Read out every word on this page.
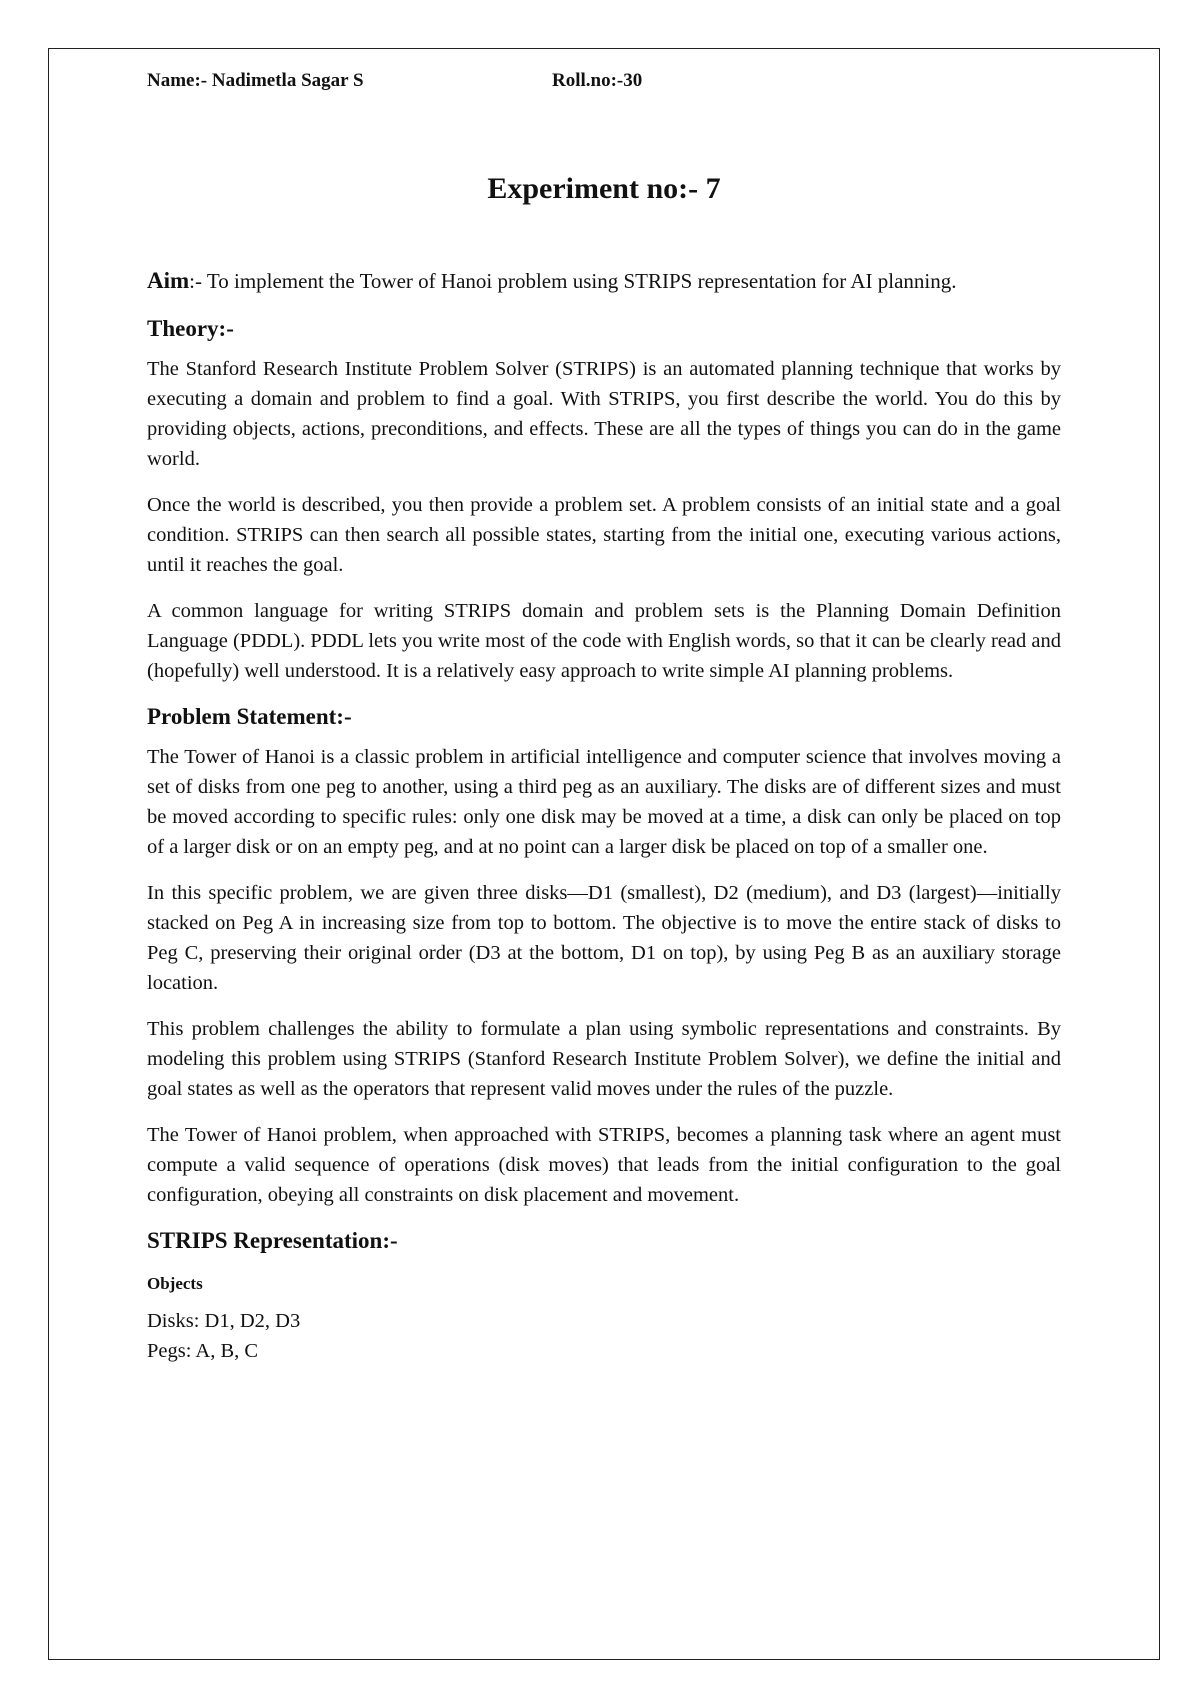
Name:- Nadimetla Sagar S	Roll.no:-30
Experiment no:- 7
Aim:- To implement the Tower of Hanoi problem using STRIPS representation for AI planning.
Theory:-

The Stanford Research Institute Problem Solver (STRIPS) is an automated planning technique that works by executing a domain and problem to find a goal. With STRIPS, you first describe the world. You do this by providing objects, actions, preconditions, and effects. These are all the types of things you can do in the game world.

Once the world is described, you then provide a problem set. A problem consists of an initial state and a goal condition. STRIPS can then search all possible states, starting from the initial one, executing various actions, until it reaches the goal.

A common language for writing STRIPS domain and problem sets is the Planning Domain Definition Language (PDDL). PDDL lets you write most of the code with English words, so that it can be clearly read and (hopefully) well understood. It is a relatively easy approach to write simple AI planning problems.

Problem Statement:-

The Tower of Hanoi is a classic problem in artificial intelligence and computer science that involves moving a set of disks from one peg to another, using a third peg as an auxiliary. The disks are of different sizes and must be moved according to specific rules: only one disk may be moved at a time, a disk can only be placed on top of a larger disk or on an empty peg, and at no point can a larger disk be placed on top of a smaller one.

In this specific problem, we are given three disks—D1 (smallest), D2 (medium), and D3 (largest)—initially stacked on Peg A in increasing size from top to bottom. The objective is to move the entire stack of disks to Peg C, preserving their original order (D3 at the bottom, D1 on top), by using Peg B as an auxiliary storage location.

This problem challenges the ability to formulate a plan using symbolic representations and constraints. By modeling this problem using STRIPS (Stanford Research Institute Problem Solver), we define the initial and goal states as well as the operators that represent valid moves under the rules of the puzzle.

The Tower of Hanoi problem, when approached with STRIPS, becomes a planning task where an agent must compute a valid sequence of operations (disk moves) that leads from the initial configuration to the goal configuration, obeying all constraints on disk placement and movement.

STRIPS Representation:-
Objects

Disks: D1, D2, D3

Pegs: A, B, C
